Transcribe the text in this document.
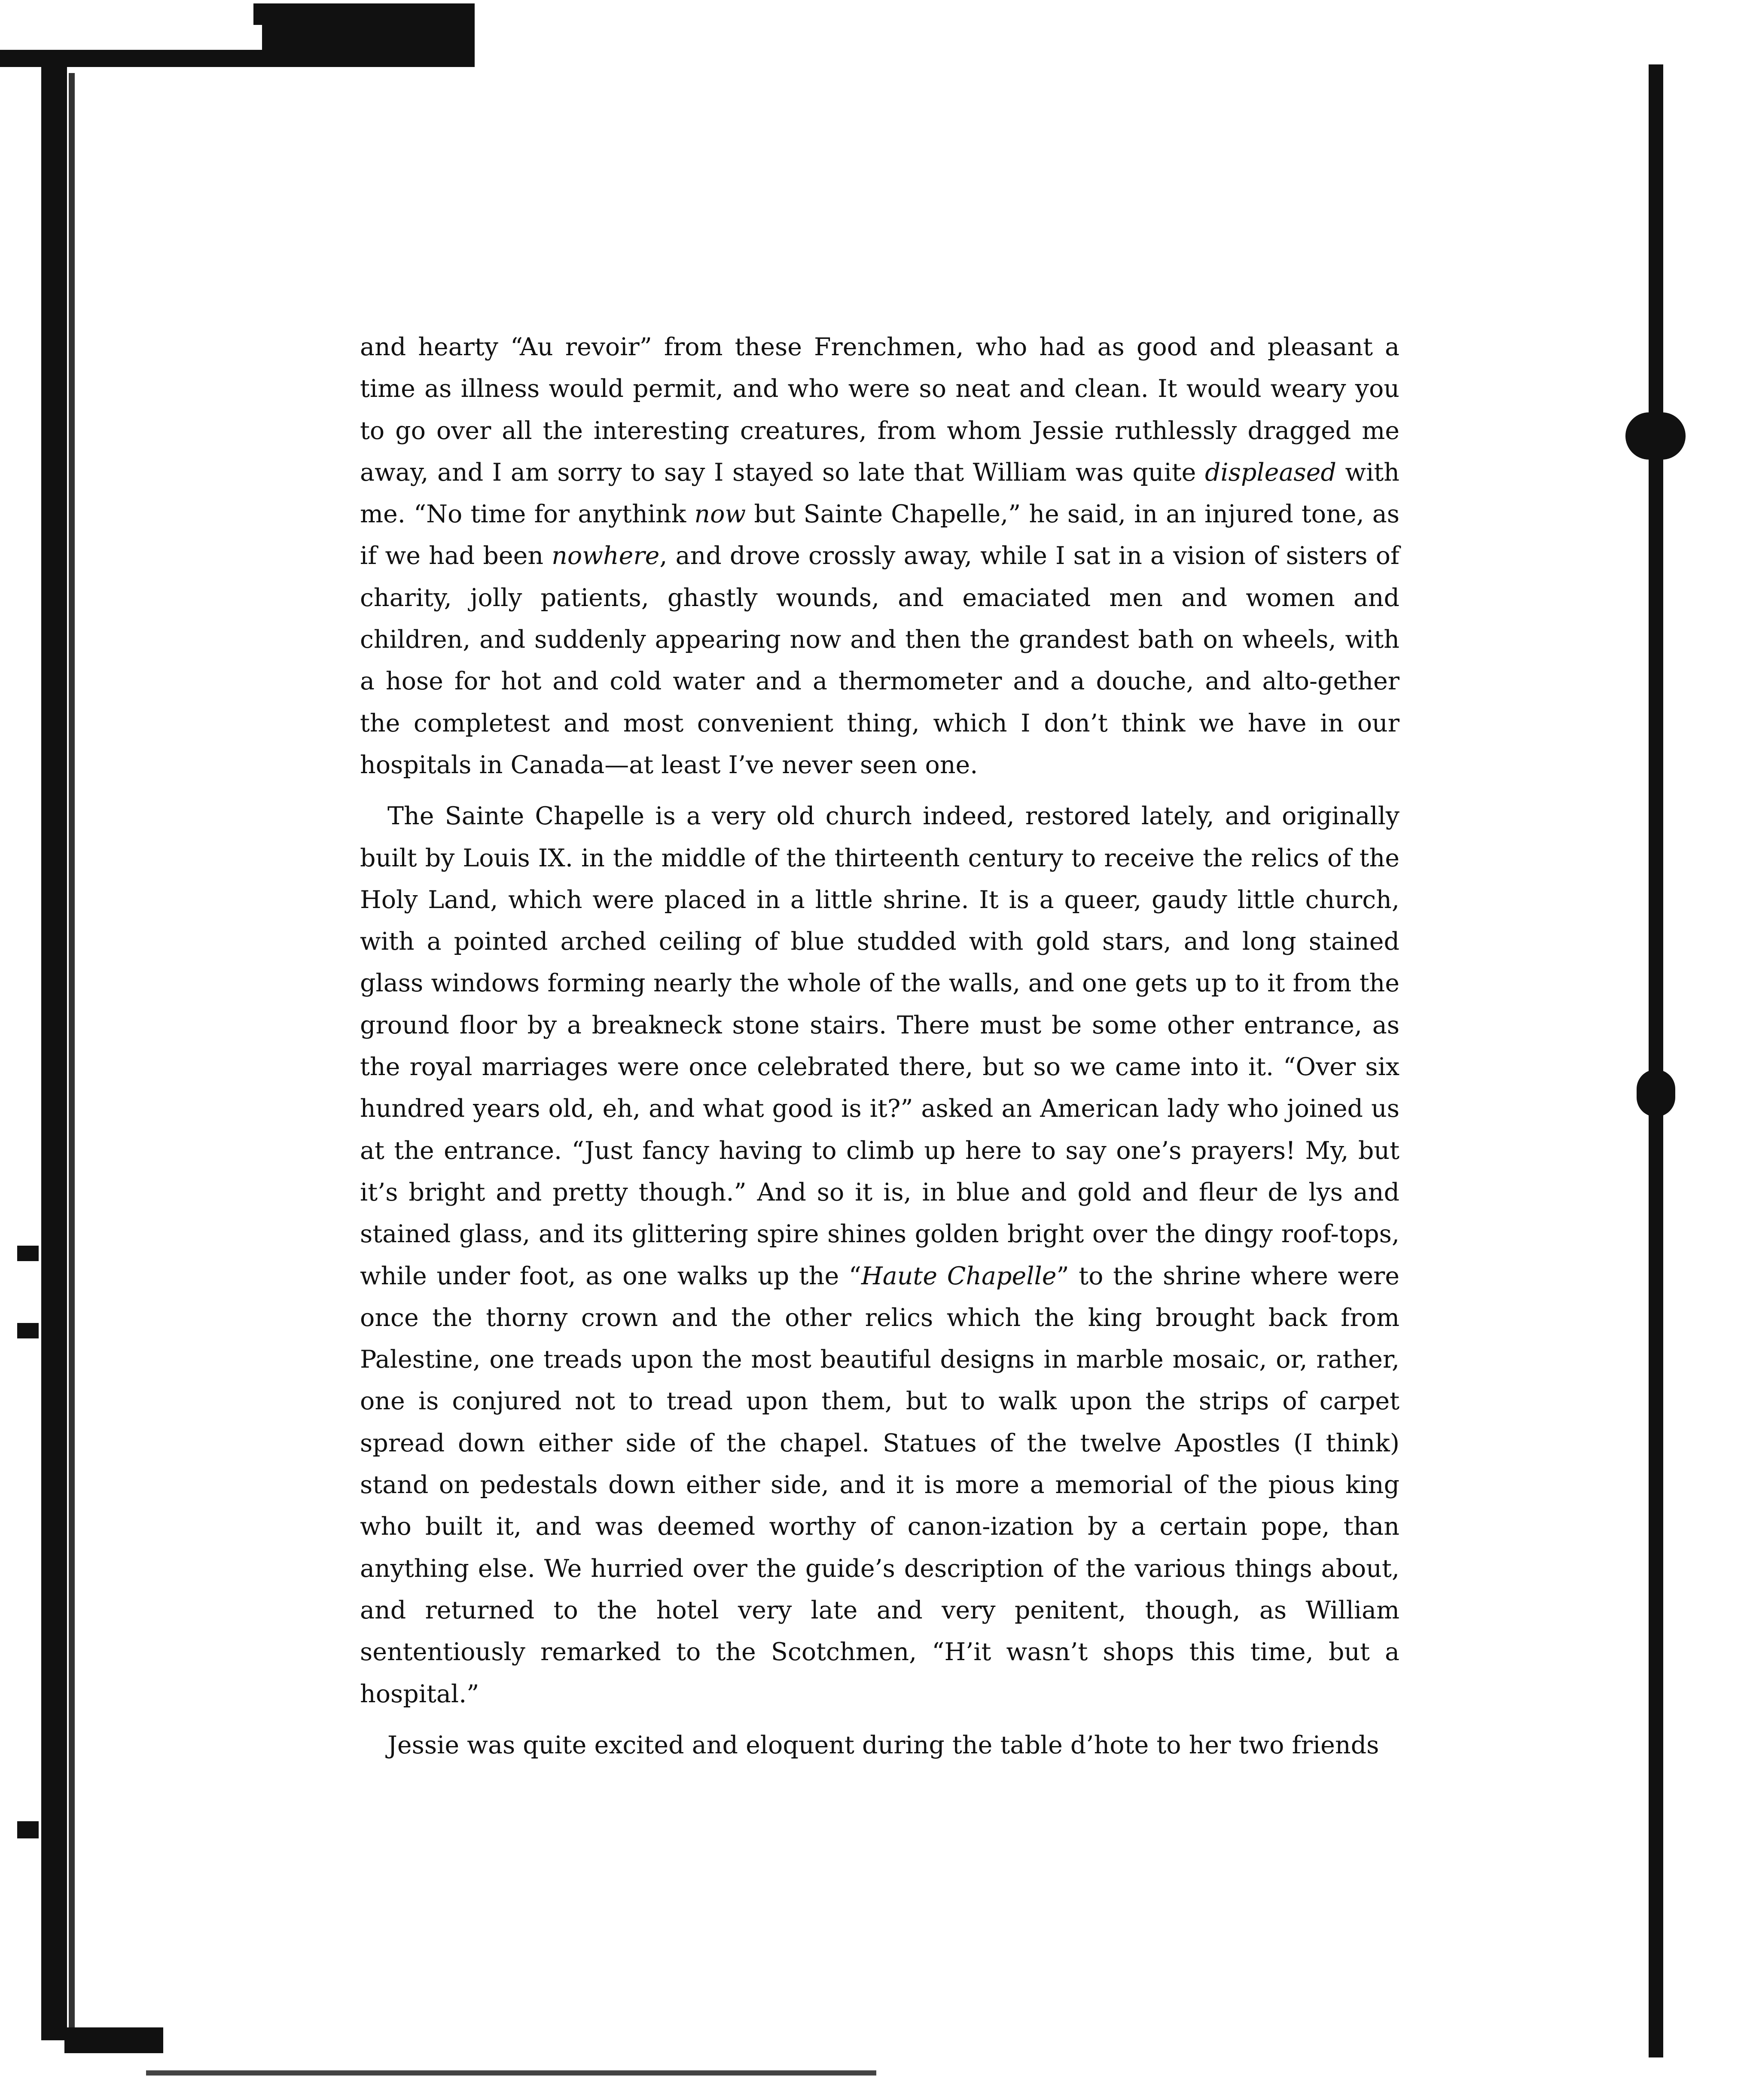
and hearty “Au revoir” from these Frenchmen, who had as good and pleasant a time as illness would permit, and who were so neat and clean. It would weary you to go over all the interesting creatures, from whom Jessie ruthlessly dragged me away, and I am sorry to say I stayed so late that William was quite displeased with me. “No time for anythink now but Sainte Chapelle,” he said, in an injured tone, as if we had been nowhere, and drove crossly away, while I sat in a vision of sisters of charity, jolly patients, ghastly wounds, and emaciated men and women and children, and suddenly appearing now and then the grandest bath on wheels, with a hose for hot and cold water and a thermometer and a douche, and alto-gether the completest and most convenient thing, which I don’t think we have in our hospitals in Canada—at least I’ve never seen one.

The Sainte Chapelle is a very old church indeed, restored lately, and originally built by Louis IX. in the middle of the thirteenth century to receive the relics of the Holy Land, which were placed in a little shrine. It is a queer, gaudy little church, with a pointed arched ceiling of blue studded with gold stars, and long stained glass windows forming nearly the whole of the walls, and one gets up to it from the ground floor by a breakneck stone stairs. There must be some other entrance, as the royal marriages were once celebrated there, but so we came into it. “Over six hundred years old, eh, and what good is it?” asked an American lady who joined us at the entrance. “Just fancy having to climb up here to say one’s prayers! My, but it’s bright and pretty though.” And so it is, in blue and gold and fleur de lys and stained glass, and its glittering spire shines golden bright over the dingy roof-tops, while under foot, as one walks up the “Haute Chapelle” to the shrine where were once the thorny crown and the other relics which the king brought back from Palestine, one treads upon the most beautiful designs in marble mosaic, or, rather, one is conjured not to tread upon them, but to walk upon the strips of carpet spread down either side of the chapel. Statues of the twelve Apostles (I think) stand on pedestals down either side, and it is more a memorial of the pious king who built it, and was deemed worthy of canon-ization by a certain pope, than anything else. We hurried over the guide’s description of the various things about, and returned to the hotel very late and very penitent, though, as William sententiously remarked to the Scotchmen, “H’it wasn’t shops this time, but a hospital.”

Jessie was quite excited and eloquent during the table d’hote to her two friends
